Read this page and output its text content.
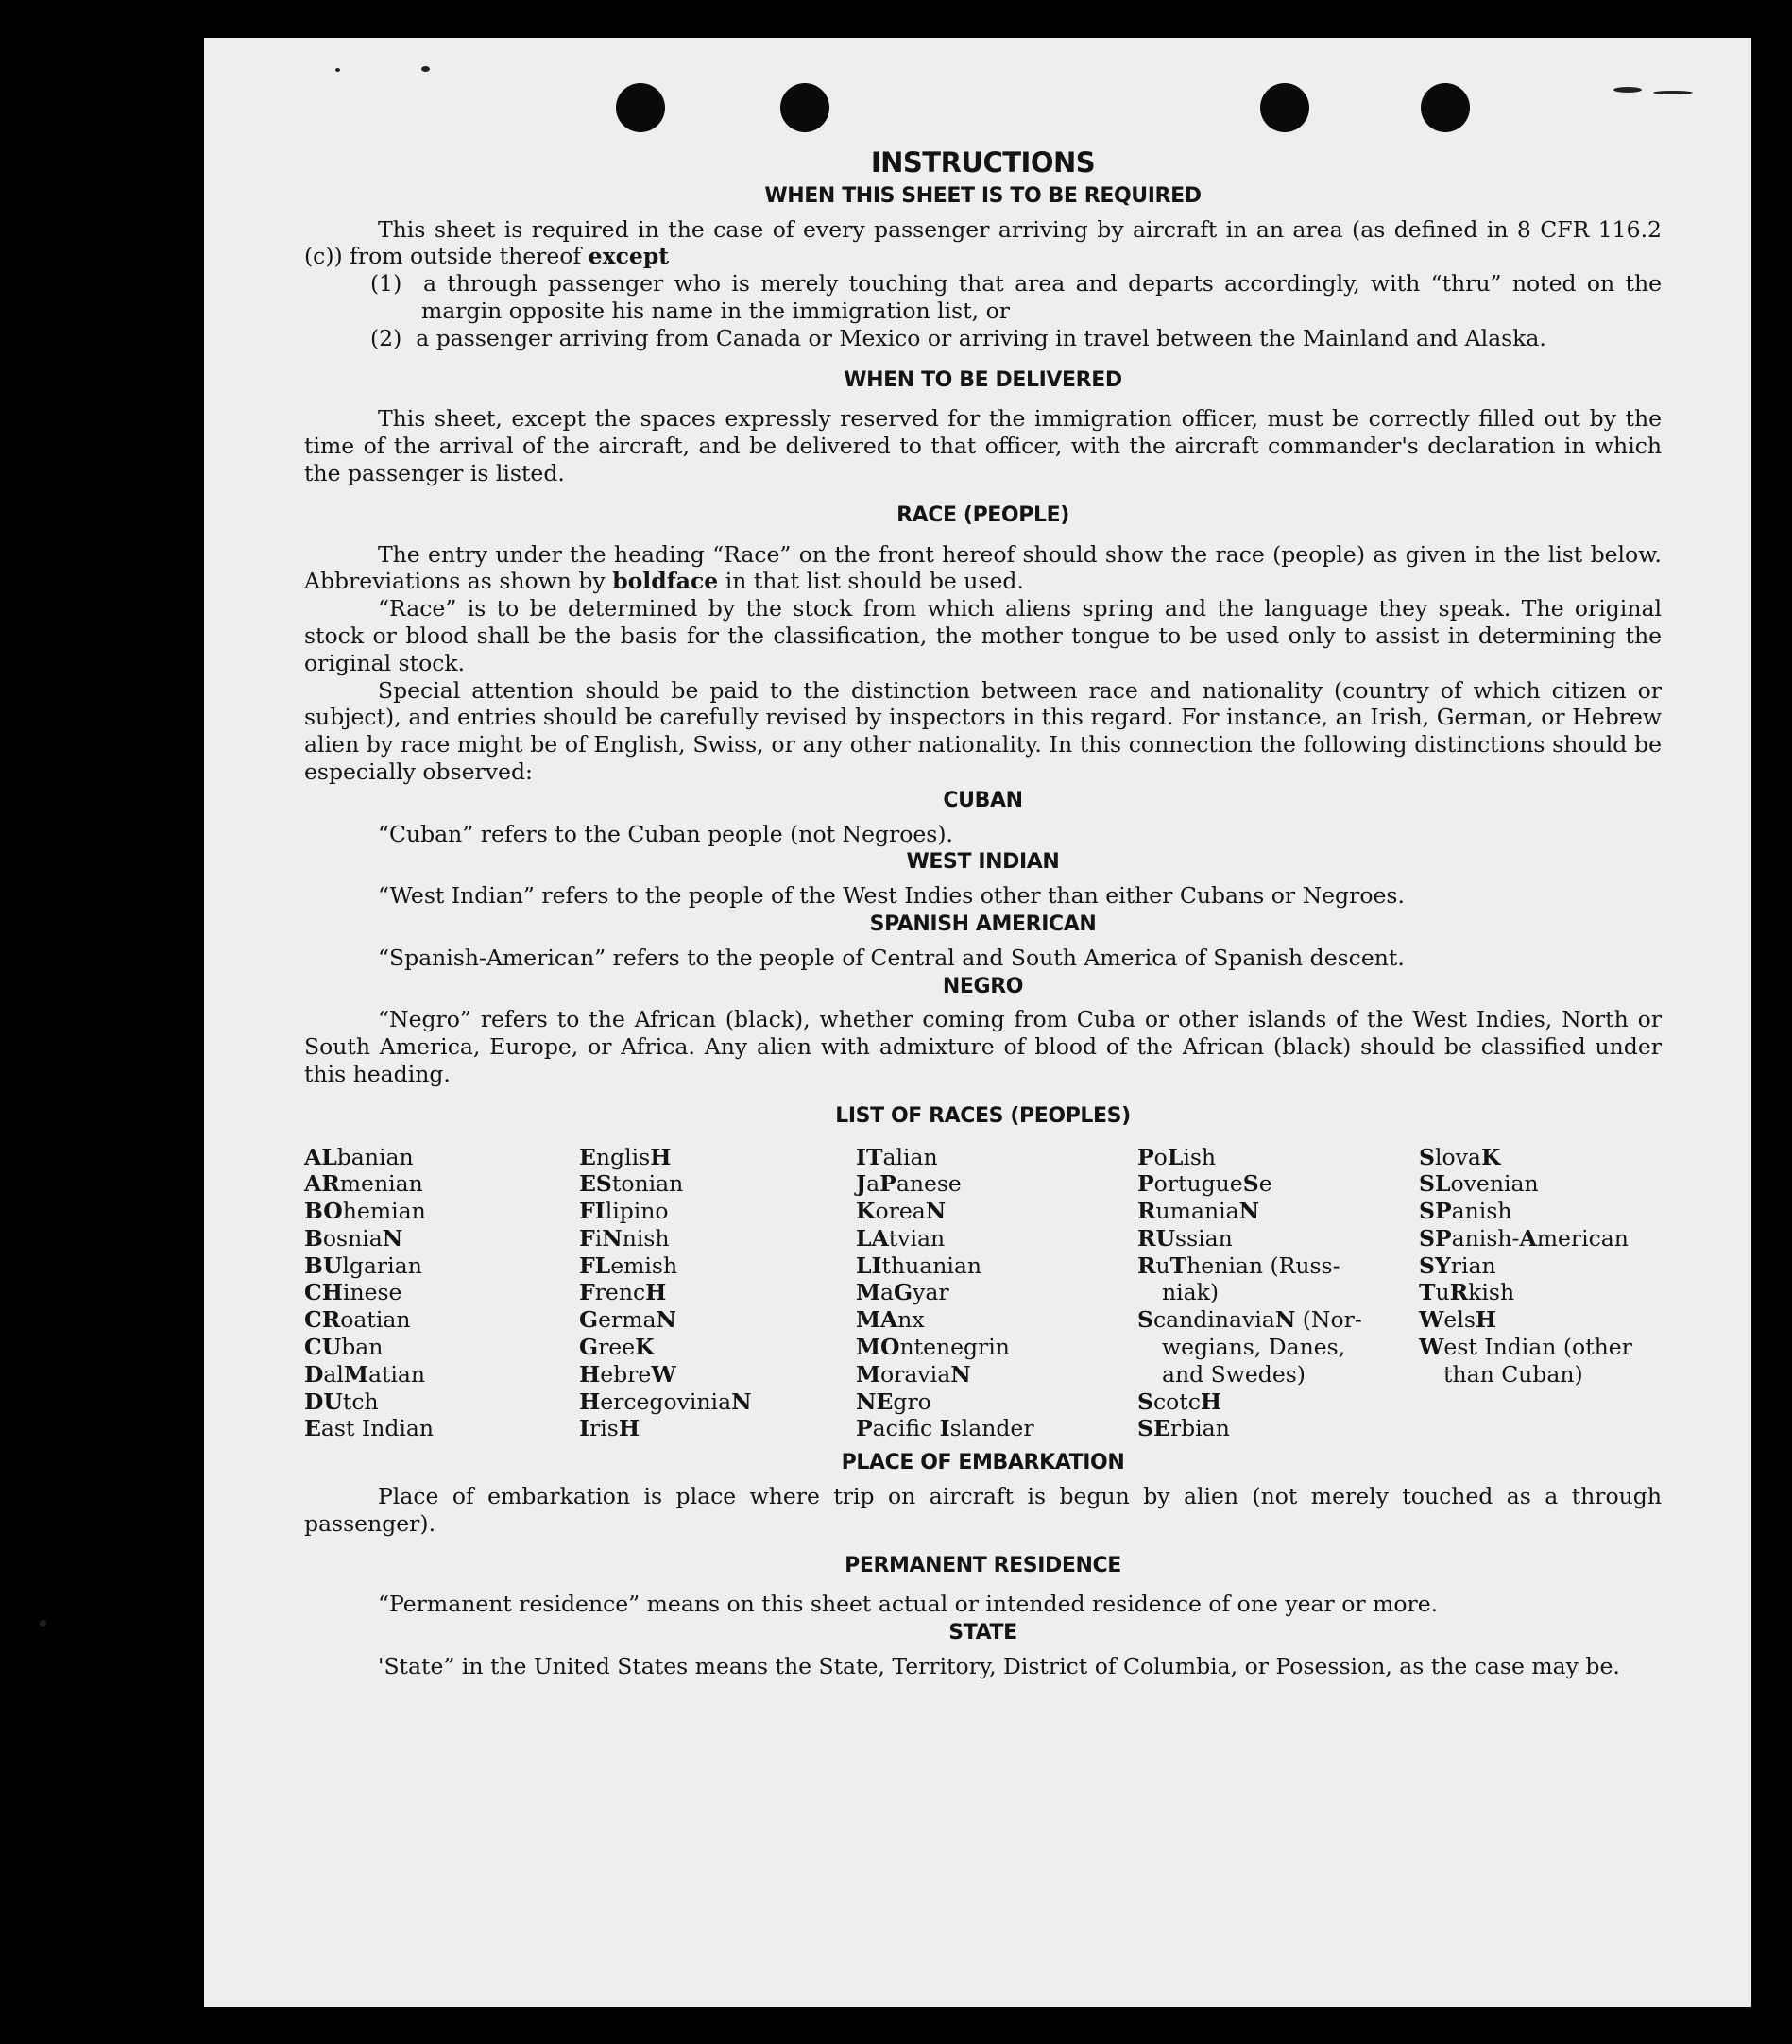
INSTRUCTIONS
WHEN THIS SHEET IS TO BE REQUIRED

This sheet is required in the case of every passenger arriving by aircraft in an area (as defined in 8 CFR 116.2 (c)) from outside thereof except

(1) a through passenger who is merely touching that area and departs accordingly, with “thru” noted on the margin opposite his name in the immigration list, or
(2) a passenger arriving from Canada or Mexico or arriving in travel between the Mainland and Alaska.
WHEN TO BE DELIVERED

This sheet, except the spaces expressly reserved for the immigration officer, must be correctly filled out by the time of the arrival of the aircraft, and be delivered to that officer, with the aircraft commander's declaration in which the passenger is listed.

RACE (PEOPLE)

The entry under the heading “Race” on the front hereof should show the race (people) as given in the list below. Abbreviations as shown by boldface in that list should be used.

“Race” is to be determined by the stock from which aliens spring and the language they speak. The original stock or blood shall be the basis for the classification, the mother tongue to be used only to assist in determining the original stock.

Special attention should be paid to the distinction between race and nationality (country of which citizen or subject), and entries should be carefully revised by inspectors in this regard. For instance, an Irish, German, or Hebrew alien by race might be of English, Swiss, or any other nationality. In this connection the following distinctions should be especially observed:

CUBAN

“Cuban” refers to the Cuban people (not Negroes).

WEST INDIAN

“West Indian” refers to the people of the West Indies other than either Cubans or Negroes.

SPANISH AMERICAN

“Spanish-American” refers to the people of Central and South America of Spanish descent.

NEGRO

“Negro” refers to the African (black), whether coming from Cuba or other islands of the West Indies, North or South America, Europe, or Africa. Any alien with admixture of blood of the African (black) should be classified under this heading.

LIST OF RACES (PEOPLES)
ALbanian
ARmenian
BOhemian
BosniaN
BUlgarian
CHinese
CRoatian
CUban
DalMatian
DUtch
East Indian
EnglisH
EStonian
FIlipino
FiNnish
FLemish
FrencH
GermaN
GreeK
HebreW
HercegoviniaN
IrisH
ITalian
JaPanese
KoreaN
LAtvian
LIthuanian
MaGyar
MAnx
MOntenegrin
MoraviaN
NEgro
Pacific Islander
PoLish
PortugueSe
RumaniaN
RUssian
RuThenian (Russ-
niak)
ScandinaviaN (Nor-
wegians, Danes,
and Swedes)
ScotcH
SErbian
SlovaK
SLovenian
SPanish
SPanish-American
SYrian
TuRkish
WelsH
West Indian (other
than Cuban)
PLACE OF EMBARKATION

Place of embarkation is place where trip on aircraft is begun by alien (not merely touched as a through passenger).

PERMANENT RESIDENCE

“Permanent residence” means on this sheet actual or intended residence of one year or more.

STATE

'State” in the United States means the State, Territory, District of Columbia, or Posession, as the case may be.
